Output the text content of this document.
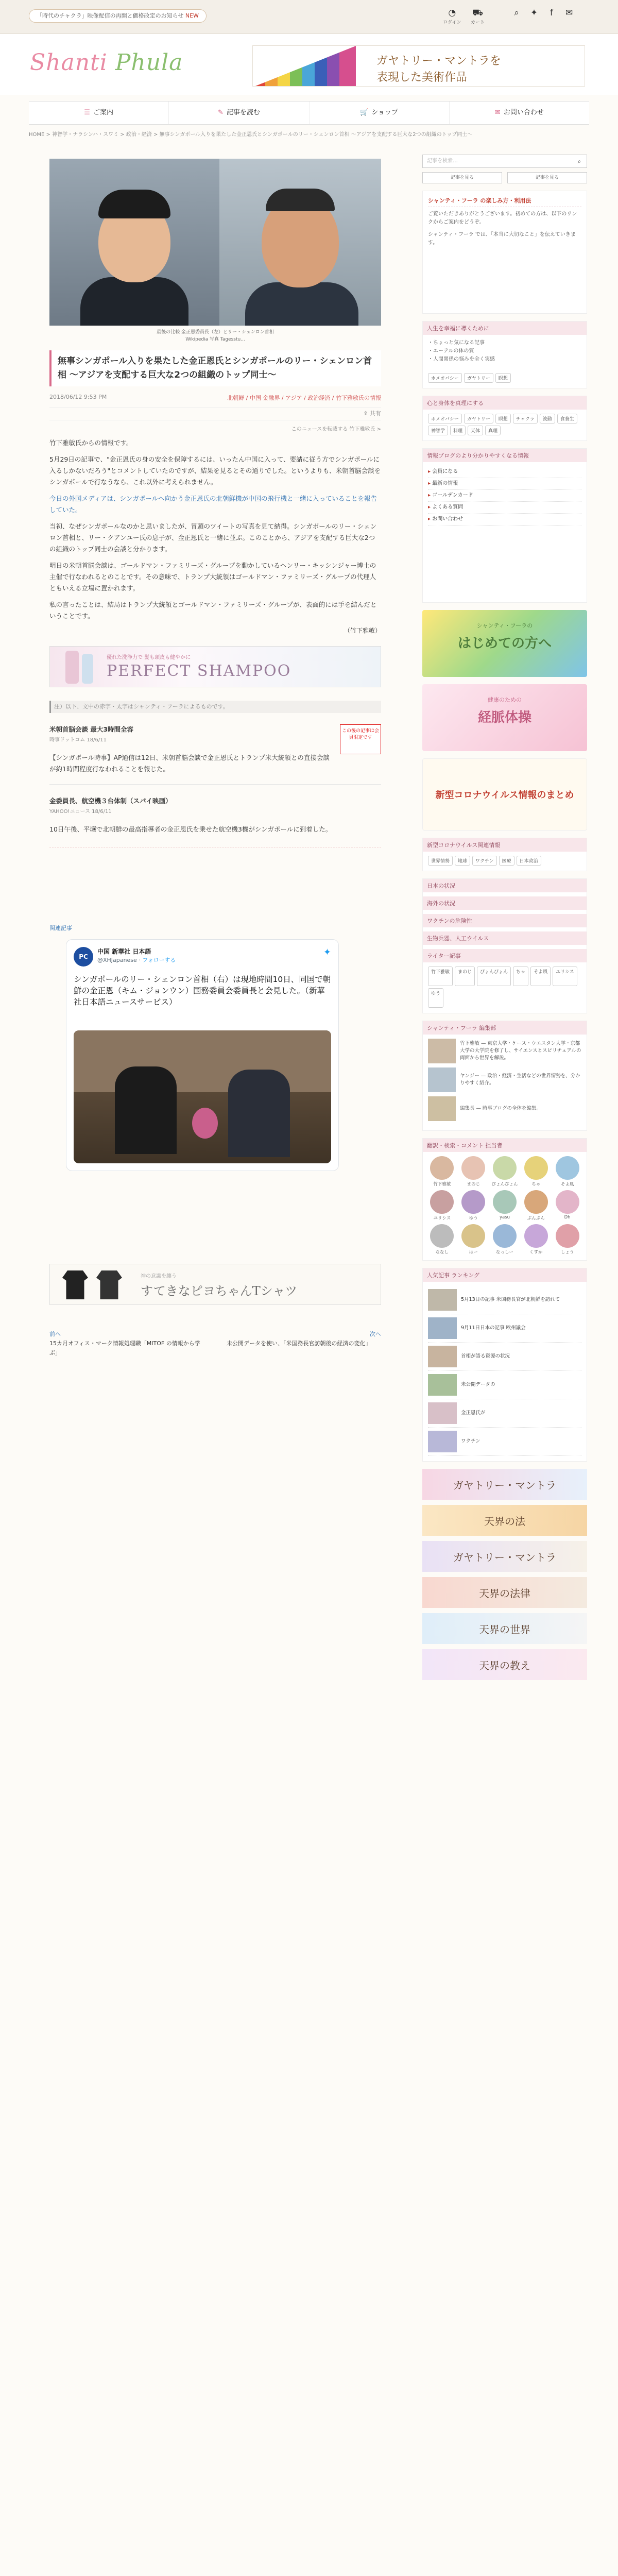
「時代のチャクラ」映像配信の再開と価格改定のお知らせ NEW	◔
ログイン
⛟
カート
⌕	✦	f	✉
Shanti Phula	ガヤトリー・マントラを
表現した美術作品
☰ ご案内	✎ 記事を読む	🛒 ショップ	✉ お問い合わせ
HOME > 神智学・ナラシンハ・スワミ > 政治・経済 > 無事シンガポール入りを果たした金正恩氏とシンガポールのリー・シェンロン首相 ～アジアを支配する巨大な2つの組織のトップ同士～
最後の比較 金正恩委員長（左）とリー・シェンロン首相
Wikipedia 写真 Tagesstu...
無事シンガポール入りを果たした金正恩氏とシンガポールのリー・シェンロン首相 ～アジアを支配する巨大な2つの組織のトップ同士～
2018/06/12 9:53 PM	北朝鮮 / 中国 金融界 / アジア / 政治経済 / 竹下雅敏氏の情報
⇪ 共有
このニュースを転載する 竹下雅敏氏 >
竹下雅敏氏からの情報です。
5月29日の記事で、"金正恩氏の身の安全を保障するには、いったん中国に入って、要請に従う方でシンガポールに入るしかないだろう"とコメントしていたのですが、結果を見るとその通りでした。というよりも、米朝首脳会談をシンガポールで行なうなら、これ以外に考えられません。
今日の外国メディアは、シンガポールへ向かう金正恩氏の北朝鮮機が中国の飛行機と一緒に入っていることを報告していた。
当初、なぜシンガポールなのかと思いましたが、冒頭のツイートの写真を見て納得。シンガポールのリー・シェンロン首相と、リー・クアンユー氏の息子が、金正恩氏と一緒に並ぶ。このことから、アジアを支配する巨大な2つの組織のトップ同士の会談と分かります。
明日の米朝首脳会談は、ゴールドマン・ファミリーズ・グループを動かしているヘンリー・キッシンジャー博士の主催で行なわれるとのことです。その意味で、トランプ大統領はゴールドマン・ファミリーズ・グループの代理人ともいえる立場に置かれます。
私の言ったことは、結局はトランプ大統領とゴールドマン・ファミリーズ・グループが、表面的には手を結んだということです。
（竹下雅敏）
優れた洗浄力で 髪も頭皮も健やかに
PERFECT SHAMPOO
注）以下、文中の赤字・太字はシャンティ・フーラによるものです。
米朝首脳会談 最大3時間全容
時事ドットコム 18/6/11
【シンガポール時事】AP通信は12日、米朝首脳会談で金正恩氏とトランプ米大統領との直接会談が約1時間程度行なわれることを報じた。
この後の記事は会員限定です
金委員長、航空機３台体制（スパイ映画）
YAHOO!ニュース 18/6/11
10日午後、平壌で北朝鮮の最高指導者の金正恩氏を乗せた航空機3機がシンガポールに到着した。
関連記事
PC
中国 新華社 日本語
@XHJapanese · フォローする
✦
シンガポールのリー・シェンロン首相（右）は現地時間10日、同国で朝鮮の金正恩（キム・ジョンウン）国務委員会委員長と会見した。（新華社日本語ニュースサービス）
神の意識を纏う
すてきなピヨちゃんTシャツ
前へ
15カ月オフィス・マーク情報処理職「MITOF の情報から学ぶ」
次へ
未公開データを使い、「米国務長官訪朝後の経済の変化」
記事を検索…	⌕
記事を見る	記事を見る
シャンティ・フーラ の楽しみ方・利用法
ご覧いただきありがとうございます。初めての方は、以下のリンクからご案内をどうぞ。
シャンティ・フーラ では、「本当に大切なこと」を伝えていきます。
人生を幸福に導くために
・ちょっと気になる記事
・エーテルの体の質
・人間関係の悩みを全く実感
ホメオパシー	ガヤトリー	瞑想
心と身体を真理にする
ホメオパシー	ガヤトリー	瞑想	チャクラ	波動	食養生
神智学	料理	天体	真理
情報ブログのより分かりやすくなる情報
▸ 会員になる
▸ 最新の情報
▸ ゴールデンカード
▸ よくある質問
▸ お問い合わせ
シャンティ・フーラの
はじめての方へ
健康のための
経脈体操
新型コロナウイルス情報のまとめ
新型コロナウイルス関連情報
世界情勢	地球	ワクチン	医療	日本政治
日本の状況
海外の状況
ワクチンの危険性
生物兵器、人工ウイルス
ライター記事
竹下雅敏	まのじ	ぴょんぴょん	ちゃ	そよ風	ユリシス
ゆう
シャンティ・フーラ 編集部
竹下雅敏 — 東京大学・ケース・ウエスタン大学・京都大学の大学院を修了し、サイエンスとスピリチュアルの両面から世界を解説。
ヤンジー — 政治・経済・生活などの世界情勢を、分かりやすく紹介。
編集長 — 時事ブログの全体を編集。
翻訳・検索・コメント 担当者
竹下雅敏	まのじ	ぴょんぴょん	ちゃ	そよ風
ユリシス	ゆう	yasu	ぶんぶん	Dh
ななし	はー	なっしー	くすか	しょう
人気記事 ランキング
5月13日の記事 米国務長官が北朝鮮を訪れて
9月11日日本の記事 欧州議会
首相が語る資源の状況
未公開データの
金正恩氏が
ワクチン
ガヤトリー・マントラ
天界の法
ガヤトリー・マントラ
天界の法律
天界の世界
天界の教え
